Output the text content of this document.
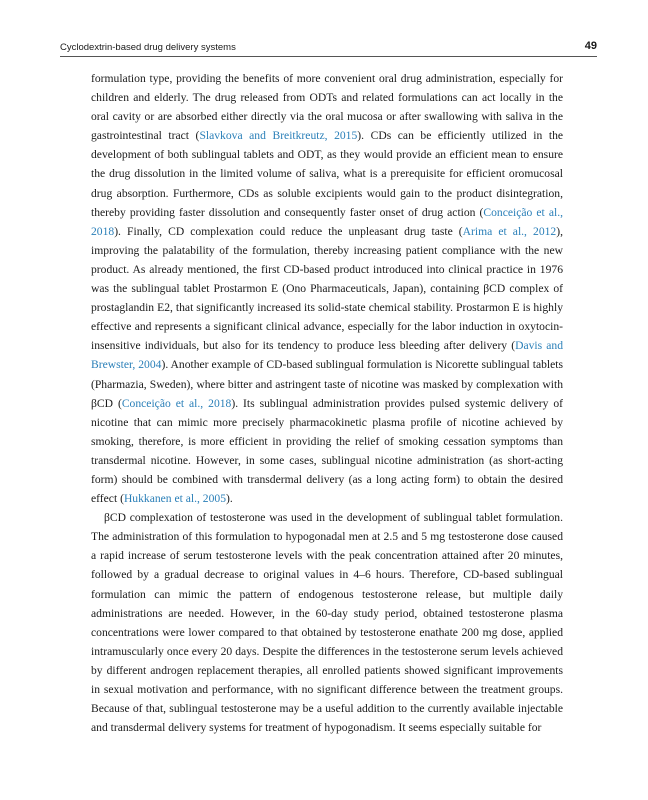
Cyclodextrin-based drug delivery systems	49

formulation type, providing the benefits of more convenient oral drug administration, especially for children and elderly. The drug released from ODTs and related formulations can act locally in the oral cavity or are absorbed either directly via the oral mucosa or after swallowing with saliva in the gastrointestinal tract (Slavkova and Breitkreutz, 2015). CDs can be efficiently utilized in the development of both sublingual tablets and ODT, as they would provide an efficient mean to ensure the drug dissolution in the limited volume of saliva, what is a prerequisite for efficient oromucosal drug absorption. Furthermore, CDs as soluble excipients would gain to the product disintegration, thereby providing faster dissolution and consequently faster onset of drug action (Conceição et al., 2018). Finally, CD complexation could reduce the unpleasant drug taste (Arima et al., 2012), improving the palatability of the formulation, thereby increasing patient compliance with the new product. As already mentioned, the first CD-based product introduced into clinical practice in 1976 was the sublingual tablet Prostarmon E (Ono Pharmaceuticals, Japan), containing βCD complex of prostaglandin E2, that significantly increased its solid-state chemical stability. Prostarmon E is highly effective and represents a significant clinical advance, especially for the labor induction in oxytocin-insensitive individuals, but also for its tendency to produce less bleeding after delivery (Davis and Brewster, 2004). Another example of CD-based sublingual formulation is Nicorette sublingual tablets (Pharmazia, Sweden), where bitter and astringent taste of nicotine was masked by complexation with βCD (Conceição et al., 2018). Its sublingual administration provides pulsed systemic delivery of nicotine that can mimic more precisely pharmacokinetic plasma profile of nicotine achieved by smoking, therefore, is more efficient in providing the relief of smoking cessation symptoms than transdermal nicotine. However, in some cases, sublingual nicotine administration (as short-acting form) should be combined with transdermal delivery (as a long acting form) to obtain the desired effect (Hukkanen et al., 2005).

βCD complexation of testosterone was used in the development of sublingual tablet formulation. The administration of this formulation to hypogonadal men at 2.5 and 5 mg testosterone dose caused a rapid increase of serum testosterone levels with the peak concentration attained after 20 minutes, followed by a gradual decrease to original values in 4–6 hours. Therefore, CD-based sublingual formulation can mimic the pattern of endogenous testosterone release, but multiple daily administrations are needed. However, in the 60-day study period, obtained testosterone plasma concentrations were lower compared to that obtained by testosterone enathate 200 mg dose, applied intramuscularly once every 20 days. Despite the differences in the testosterone serum levels achieved by different androgen replacement therapies, all enrolled patients showed significant improvements in sexual motivation and performance, with no significant difference between the treatment groups. Because of that, sublingual testosterone may be a useful addition to the currently available injectable and transdermal delivery systems for treatment of hypogonadism. It seems especially suitable for
